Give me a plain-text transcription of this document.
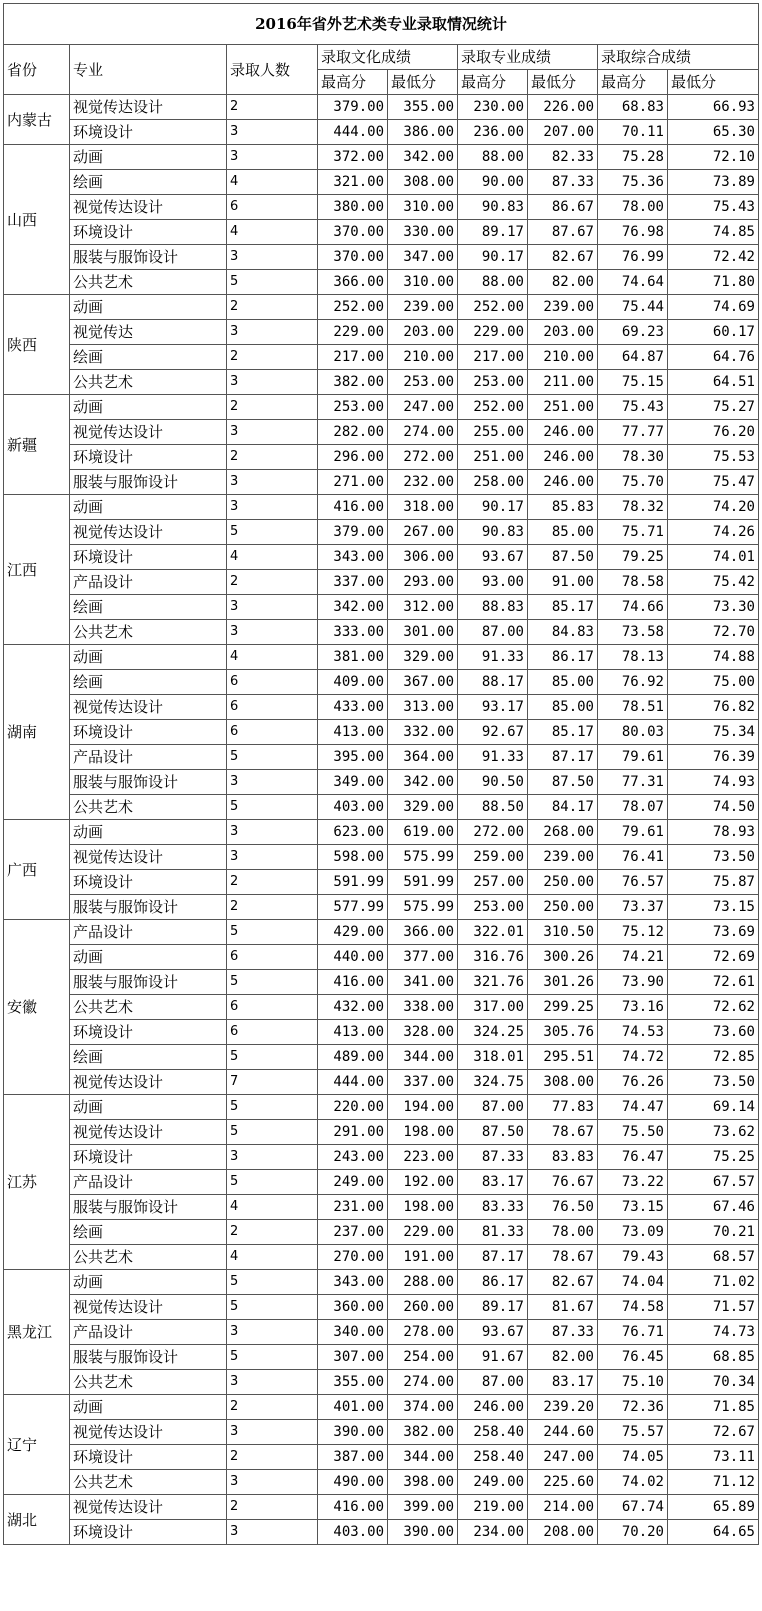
2016年省外艺术类专业录取情况统计								
省份	专业	录取人数	录取文化成绩		录取专业成绩		录取综合成绩	
			最高分	最低分	最高分	最低分	最高分	最低分
内蒙古	视觉传达设计	2	379.00	355.00	230.00	226.00	68.83	66.93
	环境设计	3	444.00	386.00	236.00	207.00	70.11	65.30
山西	动画	3	372.00	342.00	88.00	82.33	75.28	72.10
	绘画	4	321.00	308.00	90.00	87.33	75.36	73.89
	视觉传达设计	6	380.00	310.00	90.83	86.67	78.00	75.43
	环境设计	4	370.00	330.00	89.17	87.67	76.98	74.85
	服装与服饰设计	3	370.00	347.00	90.17	82.67	76.99	72.42
	公共艺术	5	366.00	310.00	88.00	82.00	74.64	71.80
陕西	动画	2	252.00	239.00	252.00	239.00	75.44	74.69
	视觉传达	3	229.00	203.00	229.00	203.00	69.23	60.17
	绘画	2	217.00	210.00	217.00	210.00	64.87	64.76
	公共艺术	3	382.00	253.00	253.00	211.00	75.15	64.51
新疆	动画	2	253.00	247.00	252.00	251.00	75.43	75.27
	视觉传达设计	3	282.00	274.00	255.00	246.00	77.77	76.20
	环境设计	2	296.00	272.00	251.00	246.00	78.30	75.53
	服装与服饰设计	3	271.00	232.00	258.00	246.00	75.70	75.47
江西	动画	3	416.00	318.00	90.17	85.83	78.32	74.20
	视觉传达设计	5	379.00	267.00	90.83	85.00	75.71	74.26
	环境设计	4	343.00	306.00	93.67	87.50	79.25	74.01
	产品设计	2	337.00	293.00	93.00	91.00	78.58	75.42
	绘画	3	342.00	312.00	88.83	85.17	74.66	73.30
	公共艺术	3	333.00	301.00	87.00	84.83	73.58	72.70
湖南	动画	4	381.00	329.00	91.33	86.17	78.13	74.88
	绘画	6	409.00	367.00	88.17	85.00	76.92	75.00
	视觉传达设计	6	433.00	313.00	93.17	85.00	78.51	76.82
	环境设计	6	413.00	332.00	92.67	85.17	80.03	75.34
	产品设计	5	395.00	364.00	91.33	87.17	79.61	76.39
	服装与服饰设计	3	349.00	342.00	90.50	87.50	77.31	74.93
	公共艺术	5	403.00	329.00	88.50	84.17	78.07	74.50
广西	动画	3	623.00	619.00	272.00	268.00	79.61	78.93
	视觉传达设计	3	598.00	575.99	259.00	239.00	76.41	73.50
	环境设计	2	591.99	591.99	257.00	250.00	76.57	75.87
	服装与服饰设计	2	577.99	575.99	253.00	250.00	73.37	73.15
安徽	产品设计	5	429.00	366.00	322.01	310.50	75.12	73.69
	动画	6	440.00	377.00	316.76	300.26	74.21	72.69
	服装与服饰设计	5	416.00	341.00	321.76	301.26	73.90	72.61
	公共艺术	6	432.00	338.00	317.00	299.25	73.16	72.62
	环境设计	6	413.00	328.00	324.25	305.76	74.53	73.60
	绘画	5	489.00	344.00	318.01	295.51	74.72	72.85
	视觉传达设计	7	444.00	337.00	324.75	308.00	76.26	73.50
江苏	动画	5	220.00	194.00	87.00	77.83	74.47	69.14
	视觉传达设计	5	291.00	198.00	87.50	78.67	75.50	73.62
	环境设计	3	243.00	223.00	87.33	83.83	76.47	75.25
	产品设计	5	249.00	192.00	83.17	76.67	73.22	67.57
	服装与服饰设计	4	231.00	198.00	83.33	76.50	73.15	67.46
	绘画	2	237.00	229.00	81.33	78.00	73.09	70.21
	公共艺术	4	270.00	191.00	87.17	78.67	79.43	68.57
黑龙江	动画	5	343.00	288.00	86.17	82.67	74.04	71.02
	视觉传达设计	5	360.00	260.00	89.17	81.67	74.58	71.57
	产品设计	3	340.00	278.00	93.67	87.33	76.71	74.73
	服装与服饰设计	5	307.00	254.00	91.67	82.00	76.45	68.85
	公共艺术	3	355.00	274.00	87.00	83.17	75.10	70.34
辽宁	动画	2	401.00	374.00	246.00	239.20	72.36	71.85
	视觉传达设计	3	390.00	382.00	258.40	244.60	75.57	72.67
	环境设计	2	387.00	344.00	258.40	247.00	74.05	73.11
	公共艺术	3	490.00	398.00	249.00	225.60	74.02	71.12
湖北	视觉传达设计	2	416.00	399.00	219.00	214.00	67.74	65.89
	环境设计	3	403.00	390.00	234.00	208.00	70.20	64.65
